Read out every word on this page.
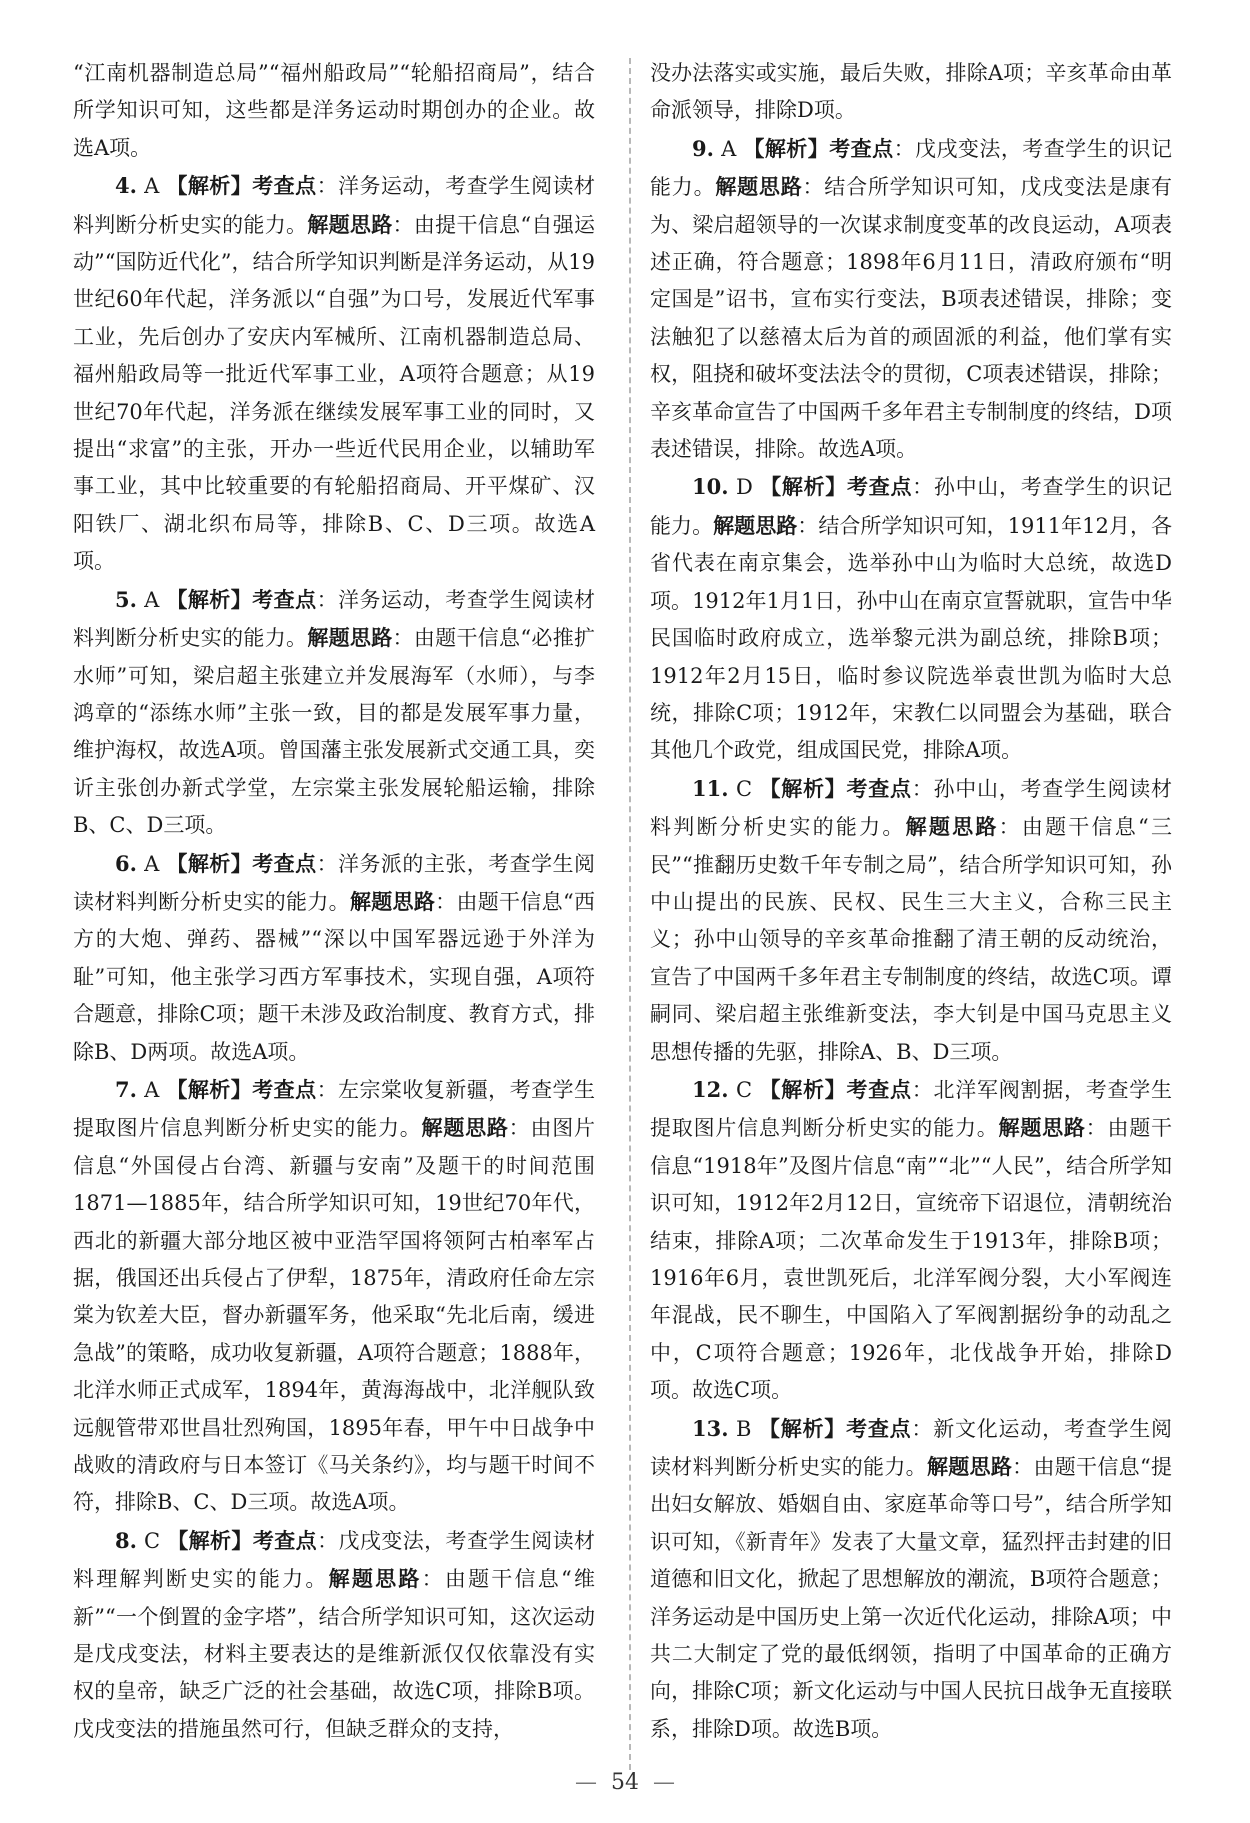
“江南机器制造总局”“福州船政局”“轮船招商局”，结合所学知识可知，这些都是洋务运动时期创办的企业。故选A项。

4. A 【解析】考查点：洋务运动，考查学生阅读材料判断分析史实的能力。解题思路：由提干信息“自强运动”“国防近代化”，结合所学知识判断是洋务运动，从19世纪60年代起，洋务派以“自强”为口号，发展近代军事工业，先后创办了安庆内军械所、江南机器制造总局、福州船政局等一批近代军事工业，A项符合题意；从19世纪70年代起，洋务派在继续发展军事工业的同时，又提出“求富”的主张，开办一些近代民用企业，以辅助军事工业，其中比较重要的有轮船招商局、开平煤矿、汉阳铁厂、湖北织布局等，排除B、C、D三项。故选A项。

5. A 【解析】考查点：洋务运动，考查学生阅读材料判断分析史实的能力。解题思路：由题干信息“必推扩水师”可知，梁启超主张建立并发展海军（水师），与李鸿章的“添练水师”主张一致，目的都是发展军事力量，维护海权，故选A项。曾国藩主张发展新式交通工具，奕䜣主张创办新式学堂，左宗棠主张发展轮船运输，排除B、C、D三项。

6. A 【解析】考查点：洋务派的主张，考查学生阅读材料判断分析史实的能力。解题思路：由题干信息“西方的大炮、弹药、器械”“深以中国军器远逊于外洋为耻”可知，他主张学习西方军事技术，实现自强，A项符合题意，排除C项；题干未涉及政治制度、教育方式，排除B、D两项。故选A项。

7. A 【解析】考查点：左宗棠收复新疆，考查学生提取图片信息判断分析史实的能力。解题思路：由图片信息“外国侵占台湾、新疆与安南”及题干的时间范围1871—1885年，结合所学知识可知，19世纪70年代，西北的新疆大部分地区被中亚浩罕国将领阿古柏率军占据，俄国还出兵侵占了伊犁，1875年，清政府任命左宗棠为钦差大臣，督办新疆军务，他采取“先北后南，缓进急战”的策略，成功收复新疆，A项符合题意；1888年，北洋水师正式成军，1894年，黄海海战中，北洋舰队致远舰管带邓世昌壮烈殉国，1895年春，甲午中日战争中战败的清政府与日本签订《马关条约》，均与题干时间不符，排除B、C、D三项。故选A项。

8. C 【解析】考查点：戊戌变法，考查学生阅读材料理解判断史实的能力。解题思路：由题干信息“维新”“一个倒置的金字塔”，结合所学知识可知，这次运动是戊戌变法，材料主要表达的是维新派仅仅依靠没有实权的皇帝，缺乏广泛的社会基础，故选C项，排除B项。戊戌变法的措施虽然可行，但缺乏群众的支持，

没办法落实或实施，最后失败，排除A项；辛亥革命由革命派领导，排除D项。

9. A 【解析】考查点：戊戌变法，考查学生的识记能力。解题思路：结合所学知识可知，戊戌变法是康有为、梁启超领导的一次谋求制度变革的改良运动，A项表述正确，符合题意；1898年6月11日，清政府颁布“明定国是”诏书，宣布实行变法，B项表述错误，排除；变法触犯了以慈禧太后为首的顽固派的利益，他们掌有实权，阻挠和破坏变法法令的贯彻，C项表述错误，排除；辛亥革命宣告了中国两千多年君主专制制度的终结，D项表述错误，排除。故选A项。

10. D 【解析】考查点：孙中山，考查学生的识记能力。解题思路：结合所学知识可知，1911年12月，各省代表在南京集会，选举孙中山为临时大总统，故选D项。1912年1月1日，孙中山在南京宣誓就职，宣告中华民国临时政府成立，选举黎元洪为副总统，排除B项；1912年2月15日，临时参议院选举袁世凯为临时大总统，排除C项；1912年，宋教仁以同盟会为基础，联合其他几个政党，组成国民党，排除A项。

11. C 【解析】考查点：孙中山，考查学生阅读材料判断分析史实的能力。解题思路：由题干信息“三民”“推翻历史数千年专制之局”，结合所学知识可知，孙中山提出的民族、民权、民生三大主义，合称三民主义；孙中山领导的辛亥革命推翻了清王朝的反动统治，宣告了中国两千多年君主专制制度的终结，故选C项。谭嗣同、梁启超主张维新变法，李大钊是中国马克思主义思想传播的先驱，排除A、B、D三项。

12. C 【解析】考查点：北洋军阀割据，考查学生提取图片信息判断分析史实的能力。解题思路：由题干信息“1918年”及图片信息“南”“北”“人民”，结合所学知识可知，1912年2月12日，宣统帝下诏退位，清朝统治结束，排除A项；二次革命发生于1913年，排除B项；1916年6月，袁世凯死后，北洋军阀分裂，大小军阀连年混战，民不聊生，中国陷入了军阀割据纷争的动乱之中，C项符合题意；1926年，北伐战争开始，排除D项。故选C项。

13. B 【解析】考查点：新文化运动，考查学生阅读材料判断分析史实的能力。解题思路：由题干信息“提出妇女解放、婚姻自由、家庭革命等口号”，结合所学知识可知，《新青年》发表了大量文章，猛烈抨击封建的旧道德和旧文化，掀起了思想解放的潮流，B项符合题意；洋务运动是中国历史上第一次近代化运动，排除A项；中共二大制定了党的最低纲领，指明了中国革命的正确方向，排除C项；新文化运动与中国人民抗日战争无直接联系，排除D项。故选B项。

— 54 —
